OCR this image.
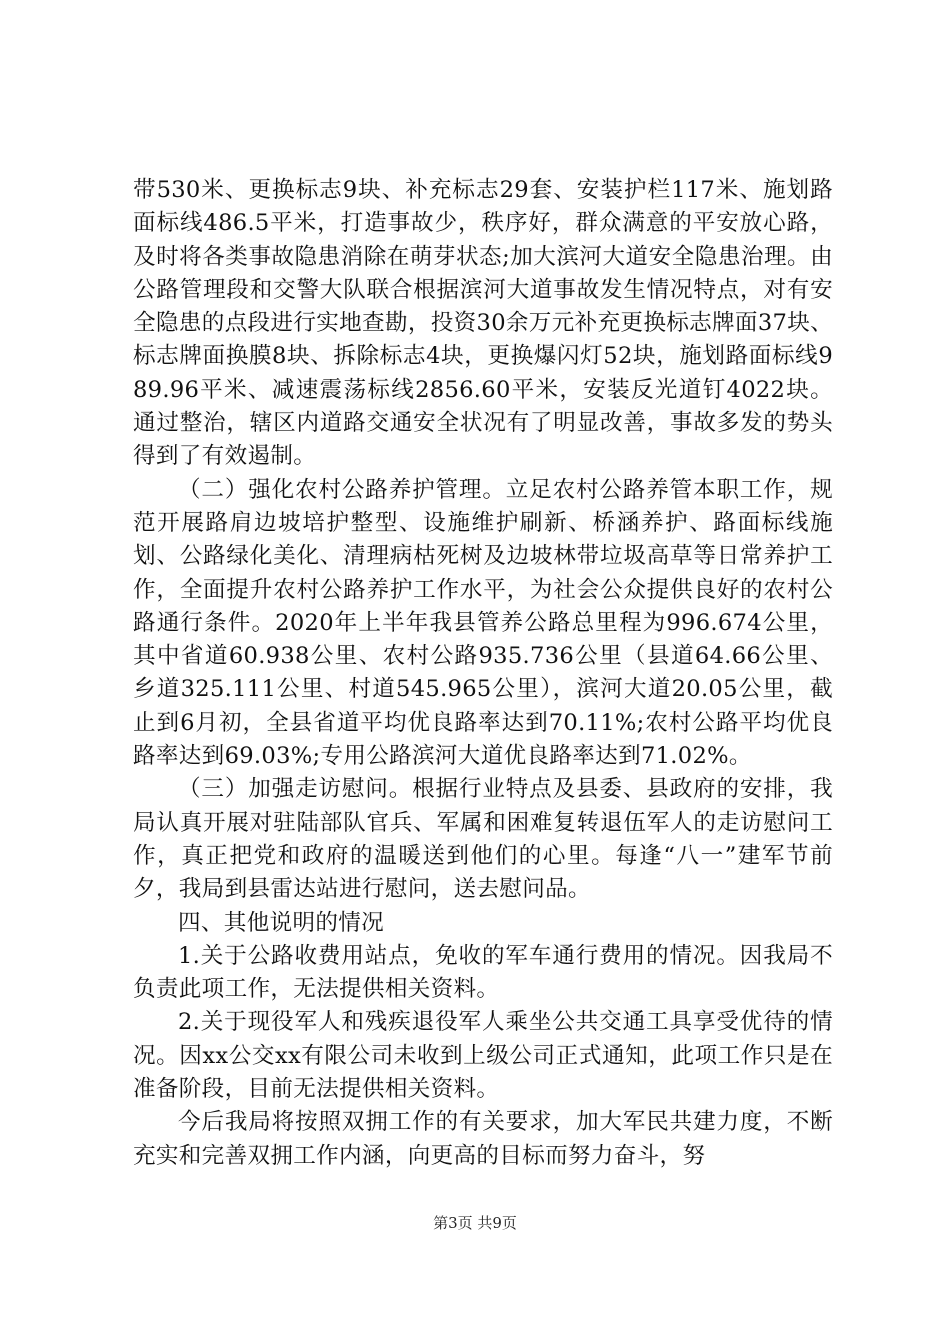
带530米、更换标志9块、补充标志29套、安装护栏117米、施划路面标线486.5平米，打造事故少，秩序好，群众满意的平安放心路，及时将各类事故隐患消除在萌芽状态;加大滨河大道安全隐患治理。由公路管理段和交警大队联合根据滨河大道事故发生情况特点，对有安全隐患的点段进行实地查勘，投资30余万元补充更换标志牌面37块、标志牌面换膜8块、拆除标志4块，更换爆闪灯52块，施划路面标线989.96平米、减速震荡标线2856.60平米，安装反光道钉4022块。通过整治，辖区内道路交通安全状况有了明显改善，事故多发的势头得到了有效遏制。

（二）强化农村公路养护管理。立足农村公路养管本职工作，规范开展路肩边坡培护整型、设施维护刷新、桥涵养护、路面标线施划、公路绿化美化、清理病枯死树及边坡林带垃圾高草等日常养护工作，全面提升农村公路养护工作水平，为社会公众提供良好的农村公路通行条件。2020年上半年我县管养公路总里程为996.674公里，其中省道60.938公里、农村公路935.736公里（县道64.66公里、乡道325.111公里、村道545.965公里），滨河大道20.05公里，截止到6月初，全县省道平均优良路率达到70.11%;农村公路平均优良路率达到69.03%;专用公路滨河大道优良路率达到71.02%。

（三）加强走访慰问。根据行业特点及县委、县政府的安排，我局认真开展对驻陆部队官兵、军属和困难复转退伍军人的走访慰问工作，真正把党和政府的温暖送到他们的心里。每逢“八一”建军节前夕，我局到县雷达站进行慰问，送去慰问品。

四、其他说明的情况

1.关于公路收费用站点，免收的军车通行费用的情况。因我局不负责此项工作，无法提供相关资料。

2.关于现役军人和残疾退役军人乘坐公共交通工具享受优待的情况。因xx公交xx有限公司未收到上级公司正式通知，此项工作只是在准备阶段，目前无法提供相关资料。

今后我局将按照双拥工作的有关要求，加大军民共建力度，不断充实和完善双拥工作内涵，向更高的目标而努力奋斗，努

第3页 共9页
